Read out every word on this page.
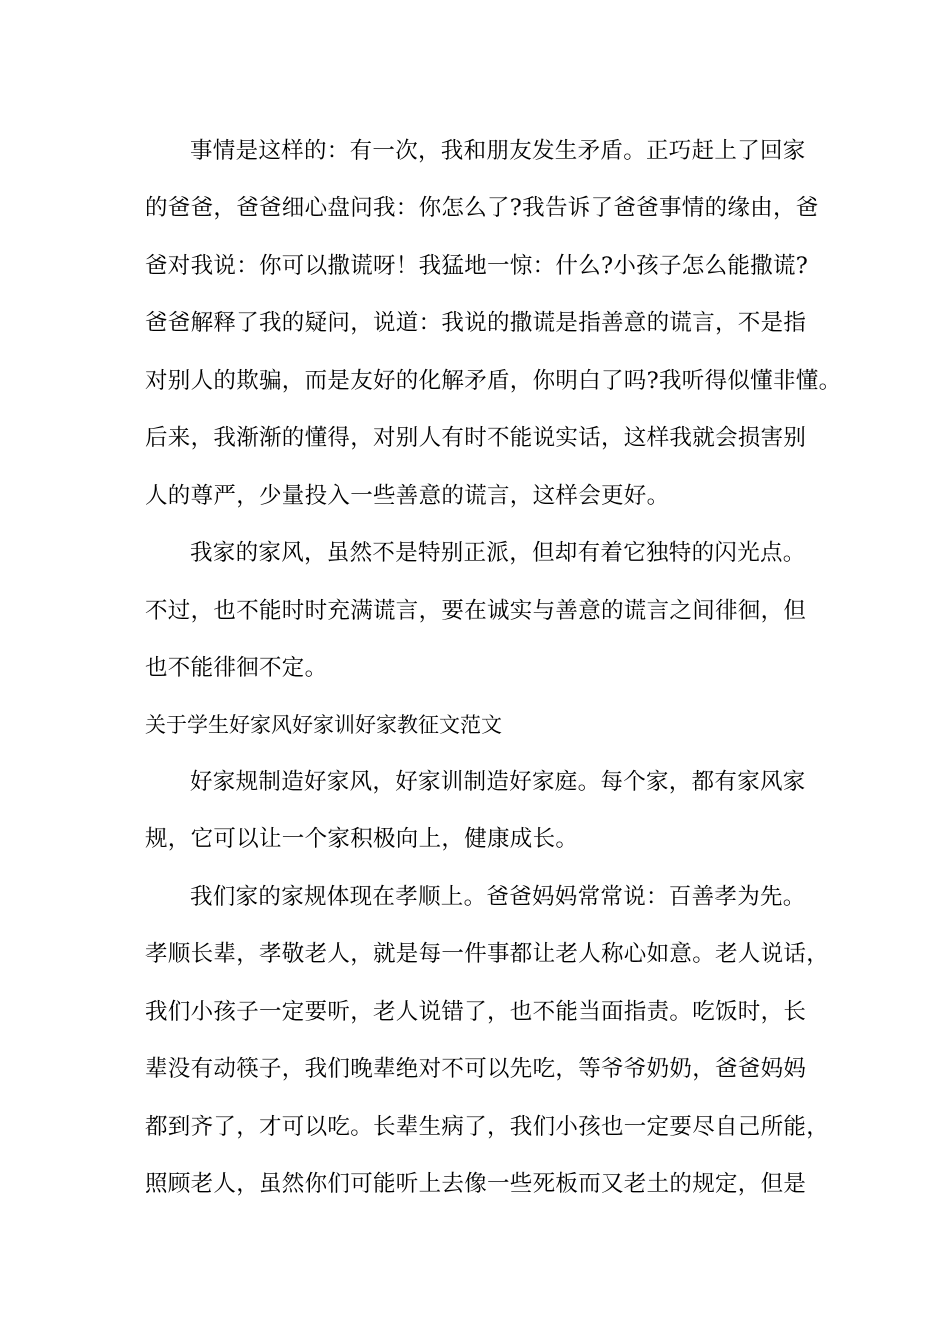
事情是这样的：有一次，我和朋友发生矛盾。正巧赶上了回家
的爸爸，爸爸细心盘问我：你怎么了?我告诉了爸爸事情的缘由，爸
爸对我说：你可以撒谎呀！我猛地一惊：什么?小孩子怎么能撒谎?
爸爸解释了我的疑问，说道：我说的撒谎是指善意的谎言，不是指
对别人的欺骗，而是友好的化解矛盾，你明白了吗?我听得似懂非懂。
后来，我渐渐的懂得，对别人有时不能说实话，这样我就会损害别
人的尊严，少量投入一些善意的谎言，这样会更好。
我家的家风，虽然不是特别正派，但却有着它独特的闪光点。
不过，也不能时时充满谎言，要在诚实与善意的谎言之间徘徊，但
也不能徘徊不定。
关于学生好家风好家训好家教征文范文
好家规制造好家风，好家训制造好家庭。每个家，都有家风家
规，它可以让一个家积极向上，健康成长。
我们家的家规体现在孝顺上。爸爸妈妈常常说：百善孝为先。
孝顺长辈，孝敬老人，就是每一件事都让老人称心如意。老人说话，
我们小孩子一定要听，老人说错了，也不能当面指责。吃饭时，长
辈没有动筷子，我们晚辈绝对不可以先吃，等爷爷奶奶，爸爸妈妈
都到齐了，才可以吃。长辈生病了，我们小孩也一定要尽自己所能，
照顾老人，虽然你们可能听上去像一些死板而又老土的规定，但是
